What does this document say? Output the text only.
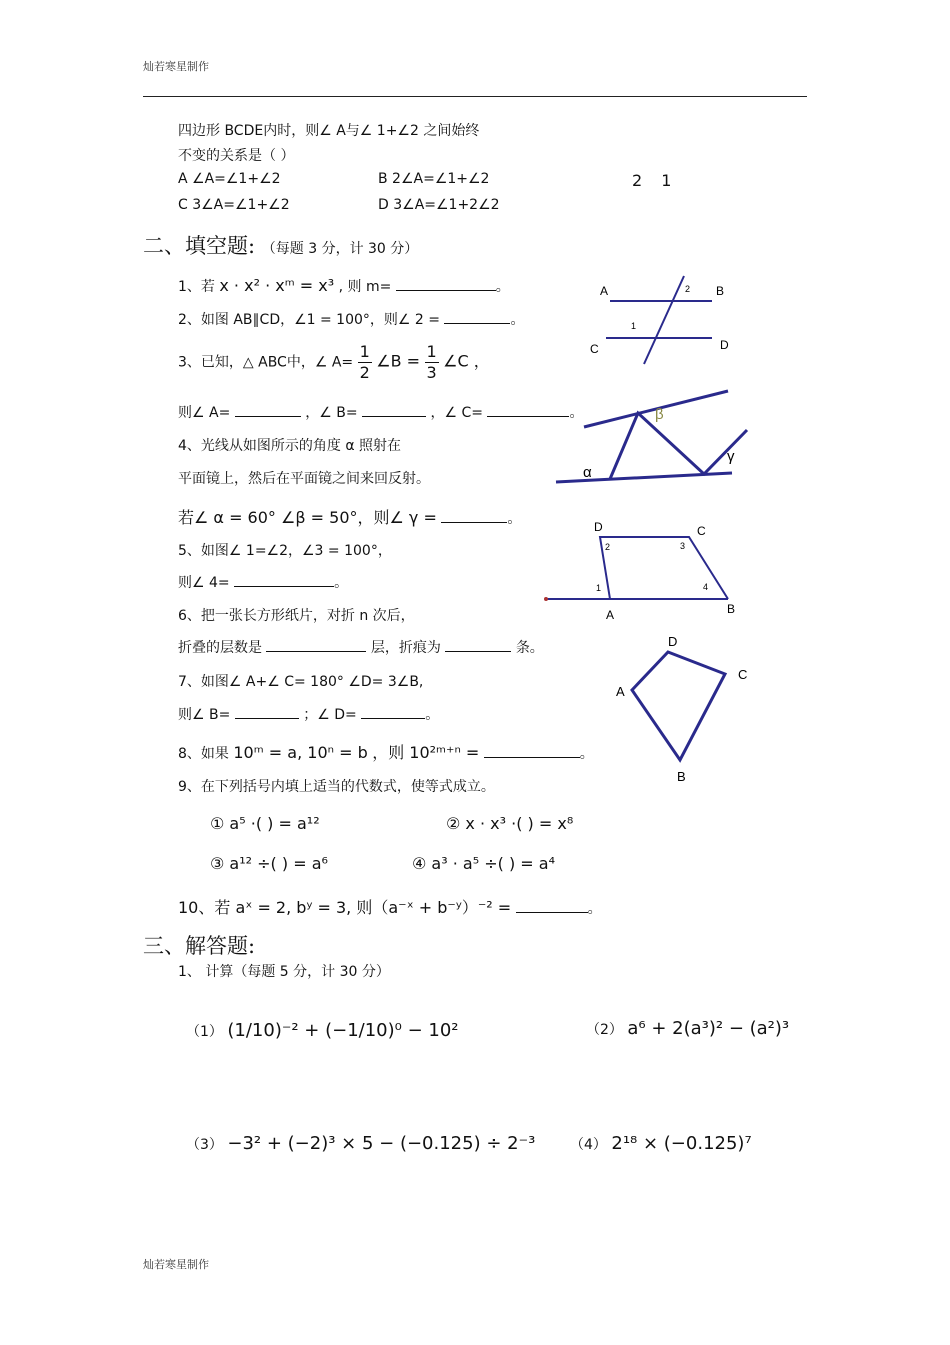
灿若寒星制作
四边形 BCDE内时，则∠ A与∠ 1+∠2 之间始终
不变的关系是（ ）
A ∠A=∠1+∠2	B 2∠A=∠1+∠2	2 1
C 3∠A=∠1+∠2	D 3∠A=∠1+2∠2
二、填空题: （每题 3 分，计 30 分）
1、若 x · x² · xᵐ = x³ , 则 m=	。
2、如图 AB∥CD，∠1 = 100°，则∠ 2 =	。
3、已知，△ ABC中，∠ $A= \frac{1}{2}$ ∠B = $\frac{1}{3}$ ∠C ，
则∠ A=	，∠ B=	，∠ C=	。
4、光线从如图所示的角度 α 照射在
平面镜上，然后在平面镜之间来回反射。
若∠ α = 60° ∠β = 50°，则∠ γ =	。
5、如图∠ 1=∠2，∠3 = 100°，
则∠ 4=	。
6、把一张长方形纸片，对折 n 次后，
折叠的层数是	层，折痕为	条。
7、如图∠ A+∠ C= 180° ∠D= 3∠B,
则∠ B=	；∠ D=	。
8、如果 10ᵐ = a, 10ⁿ = b ，则 10²ᵐ⁺ⁿ =	。
9、在下列括号内填上适当的代数式，使等式成立。
① a⁵ ·( ) = a¹²	② x · x³ ·( ) = x⁸
③ a¹² ÷( ) = a⁶	④ a³ · a⁵ ÷( ) = a⁴
10、若 aˣ = 2, bʸ = 3, 则（a⁻ˣ + b⁻ʸ）⁻² =	。
三、解答题:
1、 计算（每题 5 分，计 30 分）
（1） (1/10)⁻² + (−1/10)⁰ − 10²	（2） a⁶ + 2(a³)² − (a²)³
（3） −3² + (−2)³ × 5 − (−0.125) ÷ 2⁻³ （4） 2¹⁸ × (−0.125)⁷
灿若寒星制作
A	B
C	D
2
1
α
β
γ
D	C
A	B
2	3
1	4
D
C
A
B
